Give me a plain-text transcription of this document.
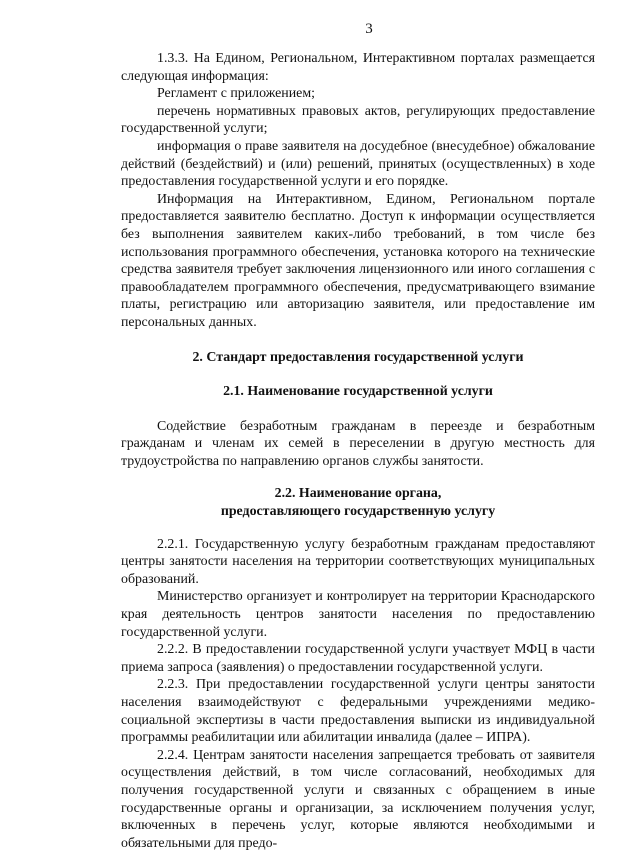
3

1.3.3. На Едином, Региональном, Интерактивном порталах размещается следующая информация:

Регламент с приложением;

перечень нормативных правовых актов, регулирующих предоставление государственной услуги;

информация о праве заявителя на досудебное (внесудебное) обжалование действий (бездействий) и (или) решений, принятых (осуществленных) в ходе предоставления государственной услуги и его порядке.

Информация на Интерактивном, Едином, Региональном портале предоставляется заявителю бесплатно. Доступ к информации осуществляется без выполнения заявителем каких-либо требований, в том числе без использования программного обеспечения, установка которого на технические средства заявителя требует заключения лицензионного или иного соглашения с правообладателем программного обеспечения, предусматривающего взимание платы, регистрацию или авторизацию заявителя, или предоставление им персональных данных.

2. Стандарт предоставления государственной услуги
2.1. Наименование государственной услуги

Содействие безработным гражданам в переезде и безработным гражданам и членам их семей в переселении в другую местность для трудоустройства по направлению органов службы занятости.

2.2. Наименование органа,
предоставляющего государственную услугу

2.2.1. Государственную услугу безработным гражданам предоставляют центры занятости населения на территории соответствующих муниципальных образований.

Министерство организует и контролирует на территории Краснодарского края деятельность центров занятости населения по предоставлению государственной услуги.

2.2.2. В предоставлении государственной услуги участвует МФЦ в части приема запроса (заявления) о предоставлении государственной услуги.

2.2.3. При предоставлении государственной услуги центры занятости населения взаимодействуют с федеральными учреждениями медико-социальной экспертизы в части предоставления выписки из индивидуальной программы реабилитации или абилитации инвалида (далее – ИПРА).

2.2.4. Центрам занятости населения запрещается требовать от заявителя осуществления действий, в том числе согласований, необходимых для получения государственной услуги и связанных с обращением в иные государственные органы и организации, за исключением получения услуг, включенных в перечень услуг, которые являются необходимыми и обязательными для предо-
